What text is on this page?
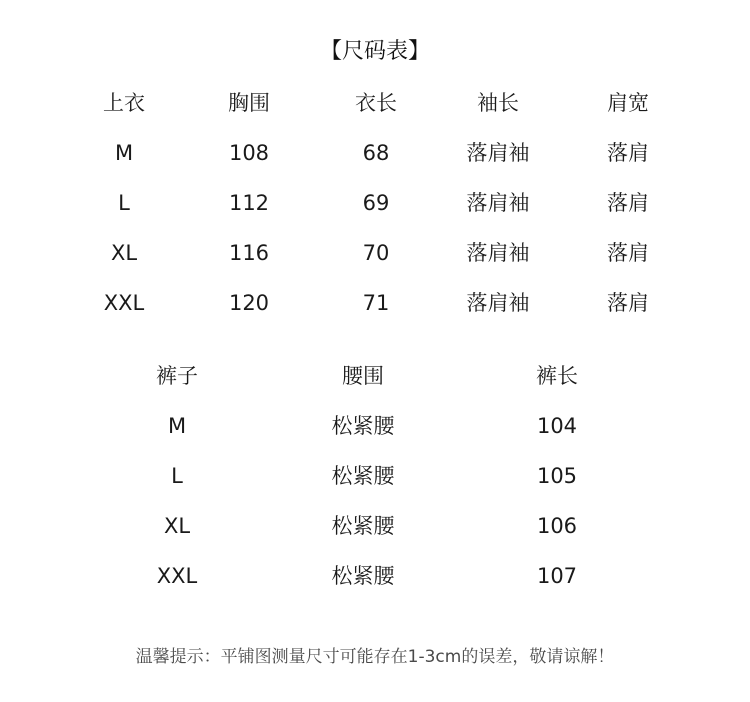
【尺码表】
上衣	胸围	衣长	袖长	肩宽
M	108	68	落肩袖	落肩
L	112	69	落肩袖	落肩
XL	116	70	落肩袖	落肩
XXL	120	71	落肩袖	落肩
裤子	腰围	裤长
M	松紧腰	104
L	松紧腰	105
XL	松紧腰	106
XXL	松紧腰	107
温馨提示：平铺图测量尺寸可能存在1-3cm的误差，敬请谅解！
